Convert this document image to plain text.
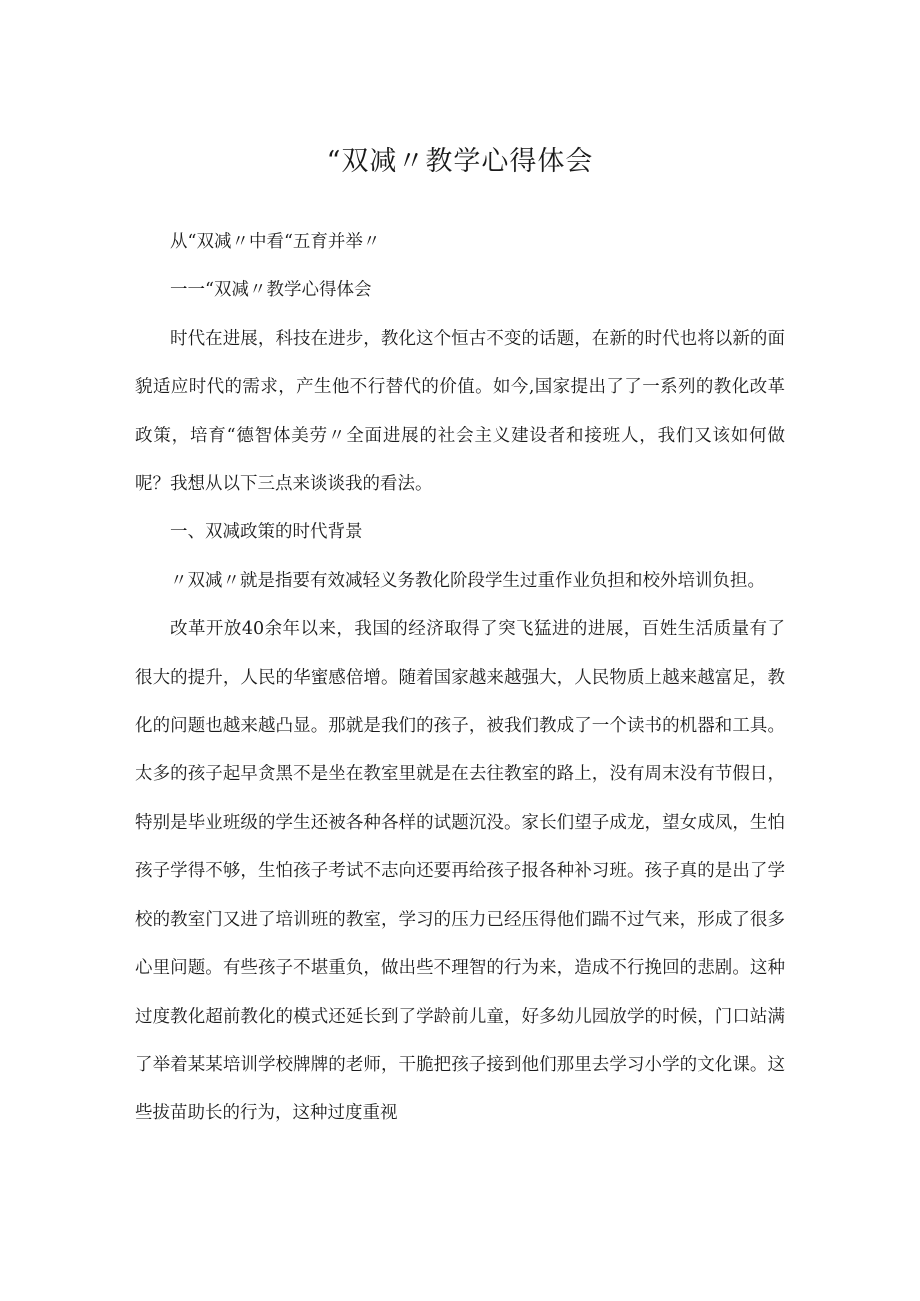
“双减〃教学心得体会

从“双减〃中看“五育并举〃

一一“双减〃教学心得体会

时代在进展，科技在进步，教化这个恒古不变的话题，在新的时代也将以新的面貌适应时代的需求，产生他不行替代的价值。如今,国家提出了了一系列的教化改革政策，培育“德智体美劳〃全面进展的社会主义建设者和接班人，我们又该如何做呢？我想从以下三点来谈谈我的看法。

一、双减政策的时代背景

〃双减〃就是指要有效减轻义务教化阶段学生过重作业负担和校外培训负担。

改革开放40余年以来，我国的经济取得了突飞猛进的进展，百姓生活质量有了很大的提升，人民的华蜜感倍增。随着国家越来越强大，人民物质上越来越富足，教化的问题也越来越凸显。那就是我们的孩子，被我们教成了一个读书的机器和工具。太多的孩子起早贪黑不是坐在教室里就是在去往教室的路上，没有周末没有节假日，特别是毕业班级的学生还被各种各样的试题沉没。家长们望子成龙，望女成凤，生怕孩子学得不够，生怕孩子考试不志向还要再给孩子报各种补习班。孩子真的是出了学校的教室门又进了培训班的教室，学习的压力已经压得他们踹不过气来，形成了很多心里问题。有些孩子不堪重负，做出些不理智的行为来，造成不行挽回的悲剧。这种过度教化超前教化的模式还延长到了学龄前儿童，好多幼儿园放学的时候，门口站满了举着某某培训学校牌牌的老师，干脆把孩子接到他们那里去学习小学的文化课。这些拔苗助长的行为，这种过度重视
